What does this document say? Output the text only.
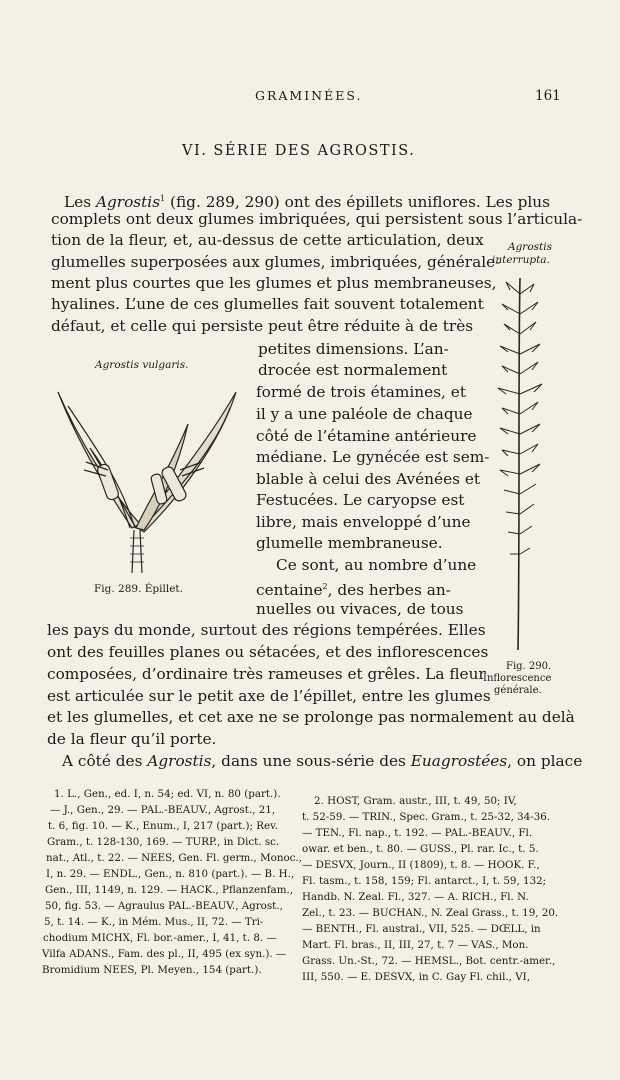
GRAMINÉES.	161
VI. SÉRIE DES AGROSTIS.
Agrostis vulgaris.
Fig. 289. Épillet.
Agrostis
interrupta.
Fig. 290.
Inflorescence
générale.
Les Agrostis$^1$ (fig. 289, 290) ont des épillets uniflores. Les plus
complets ont deux glumes imbriquées, qui persistent sous l’articula-
tion de la fleur, et, au-dessus de cette articulation, deux
glumelles superposées aux glumes, imbriquées, générale-
ment plus courtes que les glumes et plus membraneuses,
hyalines. L’une de ces glumelles fait souvent totalement
défaut, et celle qui persiste peut être réduite à de très
petites dimensions. L’an-
drocée est normalement
formé de trois étamines, et
il y a une paléole de chaque
côté de l’étamine antérieure
médiane. Le gynécée est sem-
blable à celui des Avénées et
Festucées. Le caryopse est
libre, mais enveloppé d’une
glumelle membraneuse.
Ce sont, au nombre d’une
centaine$^2$, des herbes an-
nuelles ou vivaces, de tous
les pays du monde, surtout des régions tempérées. Elles
ont des feuilles planes ou sétacées, et des inflorescences
composées, d’ordinaire très rameuses et grêles. La fleur
est articulée sur le petit axe de l’épillet, entre les glumes
et les glumelles, et cet axe ne se prolonge pas normalement au delà
de la fleur qu’il porte.
A côté des Agrostis, dans une sous-série des Euagrostées, on place
1. L., Gen., ed. I, n. 54; ed. VI, n. 80 (part.).
— J., Gen., 29. — PAL.-BEAUV., Agrost., 21,
t. 6, fig. 10. — K., Enum., I, 217 (part.); Rev.
Gram., t. 128-130, 169. — TURP., in Dict. sc.
nat., Atl., t. 22. — NEES, Gen. Fl. germ., Monoc.,
I, n. 29. — ENDL., Gen., n. 810 (part.). — B. H.,
Gen., III, 1149, n. 129. — HACK., Pflanzenfam.,
50, fig. 53. — Agraulus PAL.-BEAUV., Agrost.,
5, t. 14. — K., in Mém. Mus., II, 72. — Tri-
chodium MICHX, Fl. bor.-amer., I, 41, t. 8. —
Vilfa ADANS., Fam. des pl., II, 495 (ex syn.). —
Bromidium NEES, Pl. Meyen., 154 (part.).
2. HOST, Gram. austr., III, t. 49, 50; IV,
t. 52-59. — TRIN., Spec. Gram., t. 25-32, 34-36.
— TEN., Fl. nap., t. 192. — PAL.-BEAUV., Fl.
owar. et ben., t. 80. — GUSS., Pl. rar. Ic., t. 5.
— DESVX, Journ., II (1809), t. 8. — HOOK. F.,
Fl. tasm., t. 158, 159; Fl. antarct., I, t. 59, 132;
Handb. N. Zeal. Fl., 327. — A. RICH., Fl. N.
Zel., t. 23. — BUCHAN., N. Zeal Grass., t. 19, 20.
— BENTH., Fl. austral., VII, 525. — DŒLL, in
Mart. Fl. bras., II, III, 27, t. 7 — VAS., Mon.
Grass. Un.-St., 72. — HEMSL., Bot. centr.-amer.,
III, 550. — E. DESVX, in C. Gay Fl. chil., VI,
